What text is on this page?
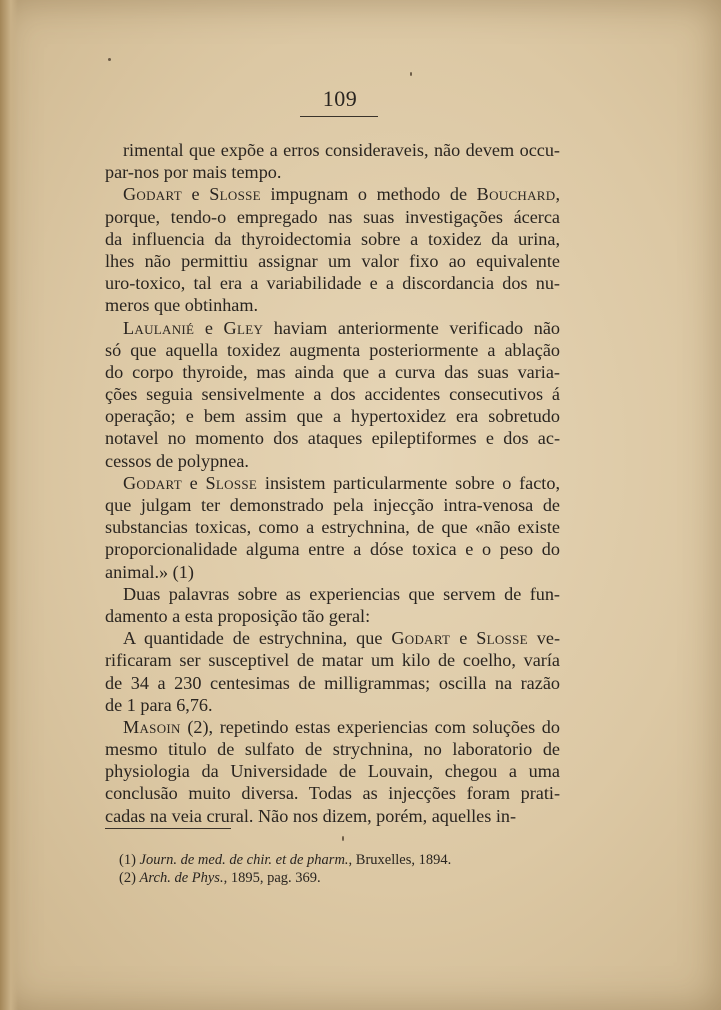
109
rimental que expõe a erros consideraveis, não devem occu-
par-nos por mais tempo.
Godart e Slosse impugnam o methodo de Bouchard,
porque, tendo-o empregado nas suas investigações ácerca
da influencia da thyroidectomia sobre a toxidez da urina,
lhes não permittiu assignar um valor fixo ao equivalente
uro-toxico, tal era a variabilidade e a discordancia dos nu-
meros que obtinham.
Laulanié e Gley haviam anteriormente verificado não
só que aquella toxidez augmenta posteriormente a ablação
do corpo thyroide, mas ainda que a curva das suas varia-
ções seguia sensivelmente a dos accidentes consecutivos á
operação; e bem assim que a hypertoxidez era sobretudo
notavel no momento dos ataques epileptiformes e dos ac-
cessos de polypnea.
Godart e Slosse insistem particularmente sobre o facto,
que julgam ter demonstrado pela injecção intra-venosa de
substancias toxicas, como a estrychnina, de que «não existe
proporcionalidade alguma entre a dóse toxica e o peso do
animal.» (1)
Duas palavras sobre as experiencias que servem de fun-
damento a esta proposição tão geral:
A quantidade de estrychnina, que Godart e Slosse ve-
rificaram ser susceptivel de matar um kilo de coelho, varía
de 34 a 230 centesimas de milligrammas; oscilla na razão
de 1 para 6,76.
Masoin (2), repetindo estas experiencias com soluções do
mesmo titulo de sulfato de strychnina, no laboratorio de
physiologia da Universidade de Louvain, chegou a uma
conclusão muito diversa. Todas as injecções foram prati-
cadas na veia crural. Não nos dizem, porém, aquelles in-
(1) Journ. de med. de chir. et de pharm., Bruxelles, 1894.
(2) Arch. de Phys., 1895, pag. 369.
